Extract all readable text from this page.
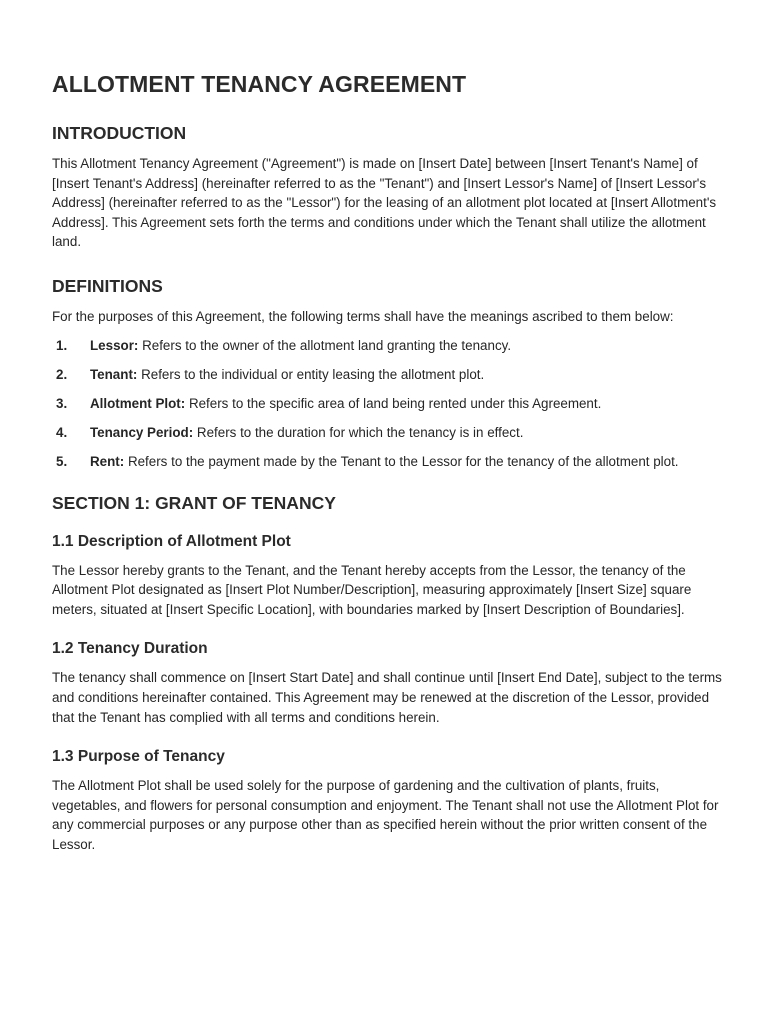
ALLOTMENT TENANCY AGREEMENT
INTRODUCTION

This Allotment Tenancy Agreement ("Agreement") is made on [Insert Date] between [Insert Tenant's Name] of [Insert Tenant's Address] (hereinafter referred to as the "Tenant") and [Insert Lessor's Name] of [Insert Lessor's Address] (hereinafter referred to as the "Lessor") for the leasing of an allotment plot located at [Insert Allotment's Address]. This Agreement sets forth the terms and conditions under which the Tenant shall utilize the allotment land.

DEFINITIONS

For the purposes of this Agreement, the following terms shall have the meanings ascribed to them below:

1. Lessor: Refers to the owner of the allotment land granting the tenancy.
2. Tenant: Refers to the individual or entity leasing the allotment plot.
3. Allotment Plot: Refers to the specific area of land being rented under this Agreement.
4. Tenancy Period: Refers to the duration for which the tenancy is in effect.
5. Rent: Refers to the payment made by the Tenant to the Lessor for the tenancy of the allotment plot.
SECTION 1: GRANT OF TENANCY
1.1 Description of Allotment Plot

The Lessor hereby grants to the Tenant, and the Tenant hereby accepts from the Lessor, the tenancy of the Allotment Plot designated as [Insert Plot Number/Description], measuring approximately [Insert Size] square meters, situated at [Insert Specific Location], with boundaries marked by [Insert Description of Boundaries].

1.2 Tenancy Duration

The tenancy shall commence on [Insert Start Date] and shall continue until [Insert End Date], subject to the terms and conditions hereinafter contained. This Agreement may be renewed at the discretion of the Lessor, provided that the Tenant has complied with all terms and conditions herein.

1.3 Purpose of Tenancy

The Allotment Plot shall be used solely for the purpose of gardening and the cultivation of plants, fruits, vegetables, and flowers for personal consumption and enjoyment. The Tenant shall not use the Allotment Plot for any commercial purposes or any purpose other than as specified herein without the prior written consent of the Lessor.
